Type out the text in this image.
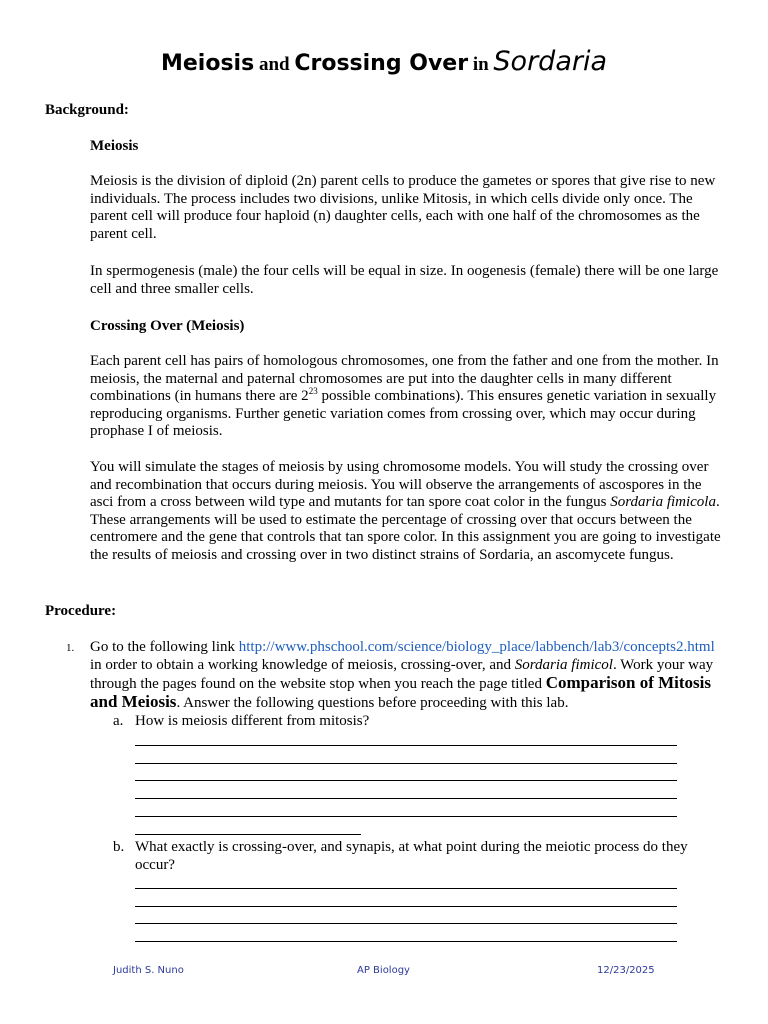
Meiosis and Crossing Over in Sordaria

Background:

Meiosis

Meiosis is the division of diploid (2n) parent cells to produce the gametes or spores that give rise to new individuals. The process includes two divisions, unlike Mitosis, in which cells divide only once. The parent cell will produce four haploid (n) daughter cells, each with one half of the chromosomes as the parent cell.

In spermogenesis (male) the four cells will be equal in size. In oogenesis (female) there will be one large cell and three smaller cells.

Crossing Over (Meiosis)

Each parent cell has pairs of homologous chromosomes, one from the father and one from the mother. In meiosis, the maternal and paternal chromosomes are put into the daughter cells in many different combinations (in humans there are $2^{23}$ possible combinations). This ensures genetic variation in sexually reproducing organisms. Further genetic variation comes from crossing over, which may occur during prophase I of meiosis.

You will simulate the stages of meiosis by using chromosome models. You will study the crossing over and recombination that occurs during meiosis. You will observe the arrangements of ascospores in the asci from a cross between wild type and mutants for tan spore coat color in the fungus Sordaria fimicola. These arrangements will be used to estimate the percentage of crossing over that occurs between the centromere and the gene that controls that tan spore color. In this assignment you are going to investigate the results of meiosis and crossing over in two distinct strains of Sordaria, an ascomycete fungus.

Procedure:

1. Go to the following link http://www.phschool.com/science/biology_place/labbench/lab3/concepts2.html in order to obtain a working knowledge of meiosis, crossing-over, and Sordaria fimicol. Work your way through the pages found on the website stop when you reach the page titled Comparison of Mitosis and Meiosis. Answer the following questions before proceeding with this lab.

a. How is meiosis different from mitosis?

b. What exactly is crossing-over, and synapis, at what point during the meiotic process do they occur?

Judith S. Nuno	AP Biology	12/23/2025
